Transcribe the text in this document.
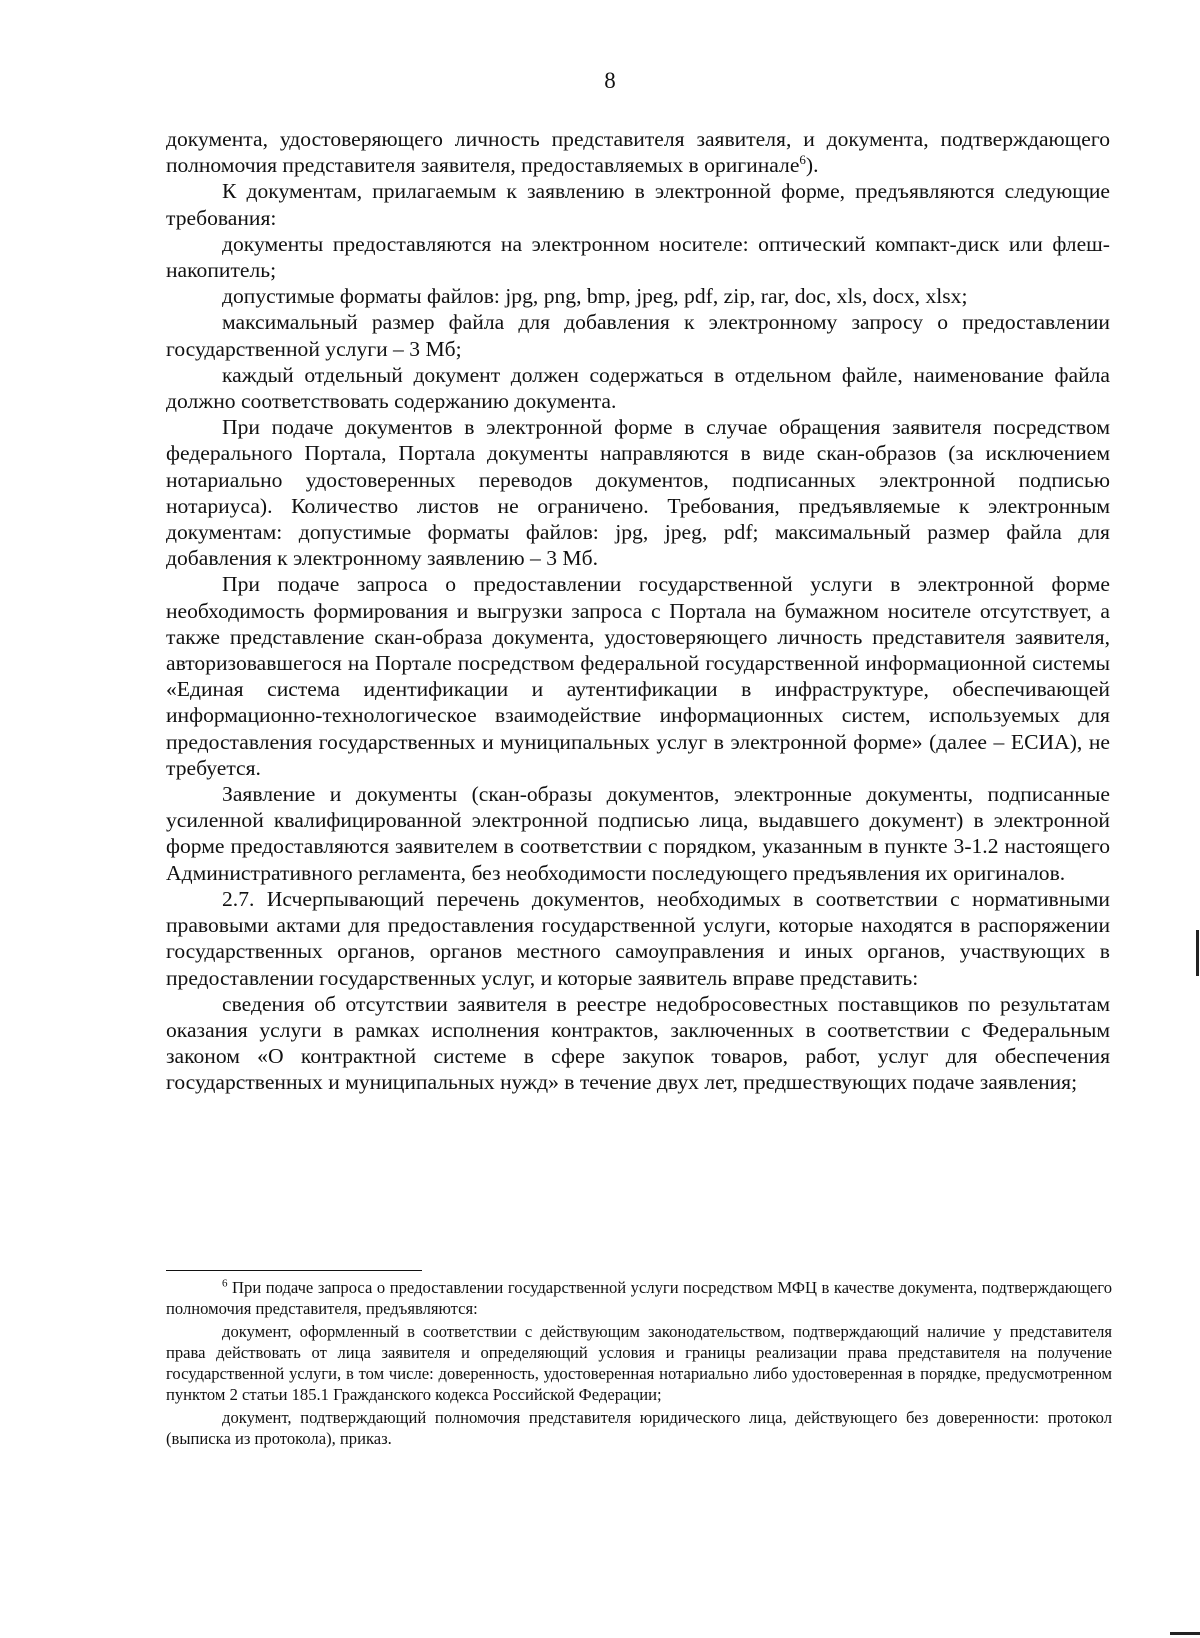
8

документа, удостоверяющего личность представителя заявителя, и документа, подтверждающего полномочия представителя заявителя, предоставляемых в оригинале$^6$).

К документам, прилагаемым к заявлению в электронной форме, предъявляются следующие требования:

документы предоставляются на электронном носителе: оптический компакт-диск или флеш-накопитель;

допустимые форматы файлов: jpg, png, bmp, jpeg, pdf, zip, rar, doc, xls, docx, xlsx;

максимальный размер файла для добавления к электронному запросу о предоставлении государственной услуги – 3 Мб;

каждый отдельный документ должен содержаться в отдельном файле, наименование файла должно соответствовать содержанию документа.

При подаче документов в электронной форме в случае обращения заявителя посредством федерального Портала, Портала документы направляются в виде скан-образов (за исключением нотариально удостоверенных переводов документов, подписанных электронной подписью нотариуса). Количество листов не ограничено. Требования, предъявляемые к электронным документам: допустимые форматы файлов: jpg, jpeg, pdf; максимальный размер файла для добавления к электронному заявлению – 3 Мб.

При подаче запроса о предоставлении государственной услуги в электронной форме необходимость формирования и выгрузки запроса с Портала на бумажном носителе отсутствует, а также представление скан-образа документа, удостоверяющего личность представителя заявителя, авторизовавшегося на Портале посредством федеральной государственной информационной системы «Единая система идентификации и аутентификации в инфраструктуре, обеспечивающей информационно-технологическое взаимодействие информационных систем, используемых для предоставления государственных и муниципальных услуг в электронной форме» (далее – ЕСИА), не требуется.

Заявление и документы (скан-образы документов, электронные документы, подписанные усиленной квалифицированной электронной подписью лица, выдавшего документ) в электронной форме предоставляются заявителем в соответствии с порядком, указанным в пункте 3-1.2 настоящего Административного регламента, без необходимости последующего предъявления их оригиналов.

2.7. Исчерпывающий перечень документов, необходимых в соответствии с нормативными правовыми актами для предоставления государственной услуги, которые находятся в распоряжении государственных органов, органов местного самоуправления и иных органов, участвующих в предоставлении государственных услуг, и которые заявитель вправе представить:

сведения об отсутствии заявителя в реестре недобросовестных поставщиков по результатам оказания услуги в рамках исполнения контрактов, заключенных в соответствии с Федеральным законом «О контрактной системе в сфере закупок товаров, работ, услуг для обеспечения государственных и муниципальных нужд» в течение двух лет, предшествующих подаче заявления;

$^6$ При подаче запроса о предоставлении государственной услуги посредством МФЦ в качестве документа, подтверждающего полномочия представителя, предъявляются:

документ, оформленный в соответствии с действующим законодательством, подтверждающий наличие у представителя права действовать от лица заявителя и определяющий условия и границы реализации права представителя на получение государственной услуги, в том числе: доверенность, удостоверенная нотариально либо удостоверенная в порядке, предусмотренном пунктом 2 статьи 185.1 Гражданского кодекса Российской Федерации;

документ, подтверждающий полномочия представителя юридического лица, действующего без доверенности: протокол (выписка из протокола), приказ.
